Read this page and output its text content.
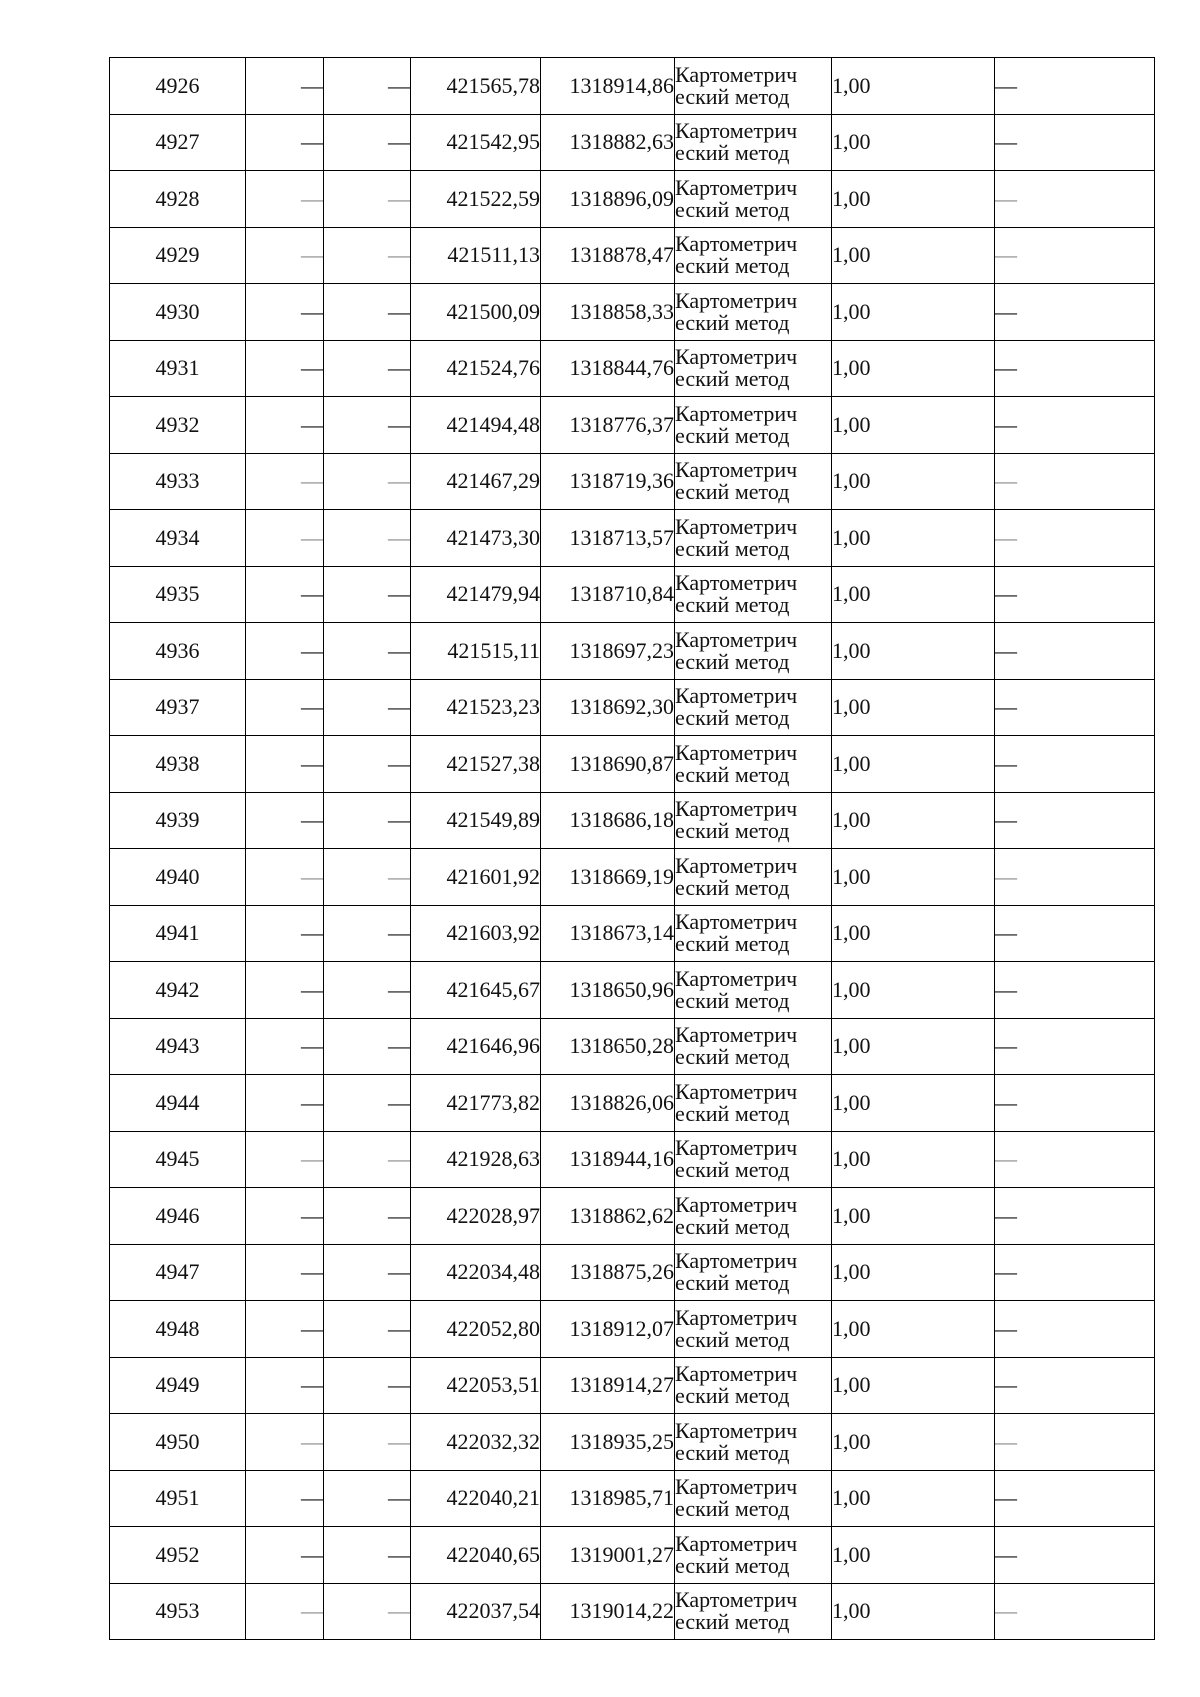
4926	—	—	421565,78	1318914,86	Картометрич
еский метод	1,00	—
4927	—	—	421542,95	1318882,63	Картометрич
еский метод	1,00	—
4928	—	—	421522,59	1318896,09	Картометрич
еский метод	1,00	—
4929	—	—	421511,13	1318878,47	Картометрич
еский метод	1,00	—
4930	—	—	421500,09	1318858,33	Картометрич
еский метод	1,00	—
4931	—	—	421524,76	1318844,76	Картометрич
еский метод	1,00	—
4932	—	—	421494,48	1318776,37	Картометрич
еский метод	1,00	—
4933	—	—	421467,29	1318719,36	Картометрич
еский метод	1,00	—
4934	—	—	421473,30	1318713,57	Картометрич
еский метод	1,00	—
4935	—	—	421479,94	1318710,84	Картометрич
еский метод	1,00	—
4936	—	—	421515,11	1318697,23	Картометрич
еский метод	1,00	—
4937	—	—	421523,23	1318692,30	Картометрич
еский метод	1,00	—
4938	—	—	421527,38	1318690,87	Картометрич
еский метод	1,00	—
4939	—	—	421549,89	1318686,18	Картометрич
еский метод	1,00	—
4940	—	—	421601,92	1318669,19	Картометрич
еский метод	1,00	—
4941	—	—	421603,92	1318673,14	Картометрич
еский метод	1,00	—
4942	—	—	421645,67	1318650,96	Картометрич
еский метод	1,00	—
4943	—	—	421646,96	1318650,28	Картометрич
еский метод	1,00	—
4944	—	—	421773,82	1318826,06	Картометрич
еский метод	1,00	—
4945	—	—	421928,63	1318944,16	Картометрич
еский метод	1,00	—
4946	—	—	422028,97	1318862,62	Картометрич
еский метод	1,00	—
4947	—	—	422034,48	1318875,26	Картометрич
еский метод	1,00	—
4948	—	—	422052,80	1318912,07	Картометрич
еский метод	1,00	—
4949	—	—	422053,51	1318914,27	Картометрич
еский метод	1,00	—
4950	—	—	422032,32	1318935,25	Картометрич
еский метод	1,00	—
4951	—	—	422040,21	1318985,71	Картометрич
еский метод	1,00	—
4952	—	—	422040,65	1319001,27	Картометрич
еский метод	1,00	—
4953	—	—	422037,54	1319014,22	Картометрич
еский метод	1,00	—
